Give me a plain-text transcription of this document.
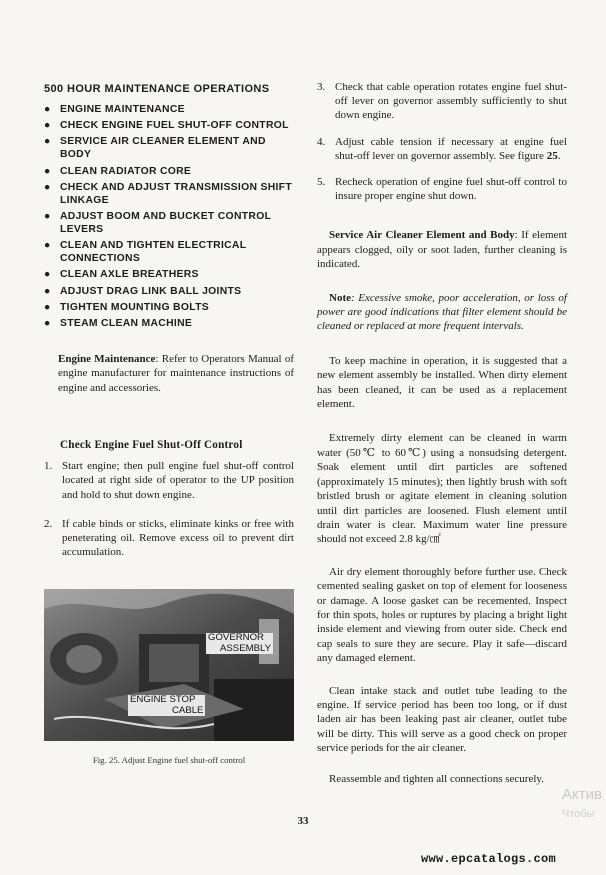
500 HOUR MAINTENANCE OPERATIONS
● ENGINE MAINTENANCE
● CHECK ENGINE FUEL SHUT-OFF CONTROL
● SERVICE AIR CLEANER ELEMENT AND BODY
● CLEAN RADIATOR CORE
● CHECK AND ADJUST TRANSMISSION SHIFT LINKAGE
● ADJUST BOOM AND BUCKET CONTROL LEVERS
● CLEAN AND TIGHTEN ELECTRICAL CONNECTIONS
● CLEAN AXLE BREATHERS
● ADJUST DRAG LINK BALL JOINTS
● TIGHTEN MOUNTING BOLTS
● STEAM CLEAN MACHINE

Engine Maintenance: Refer to Operators Manual of engine manufacturer for maintenance instructions of engine and accessories.

Check Engine Fuel Shut-Off Control
1. Start engine; then pull engine fuel shut-off control located at right side of operator to the UP position and hold to shut down engine.
2. If cable binds or sticks, eliminate kinks or free with peneterating oil. Remove excess oil to prevent dirt accumulation.
GOVERNOR
ASSEMBLY
ENGINE STOP
CABLE
Fig. 25. Adjust Engine fuel shut-off control
3. Check that cable operation rotates engine fuel shut-off lever on governor assembly sufficiently to shut down engine.
4. Adjust cable tension if necessary at engine fuel shut-off lever on governor assembly. See figure 25.
5. Recheck operation of engine fuel shut-off control to insure proper engine shut down.

Service Air Cleaner Element and Body: If element appears clogged, oily or soot laden, further cleaning is indicated.

Note: Excessive smoke, poor acceleration, or loss of power are good indications that filter element should be cleaned or replaced at more frequent intervals.

To keep machine in operation, it is suggested that a new element assembly be installed. When dirty element has been cleaned, it can be used as a replacement element.

Extremely dirty element can be cleaned in warm water (50℃ to 60℃) using a nonsudsing detergent. Soak element until dirt particles are softened (approximately 15 minutes); then lightly brush with soft bristled brush or agitate element in cleaning solution until dirt particles are loosened. Flush element until drain water is clear. Maximum water line pressure should not exceed 2.8 kg/㎠

Air dry element thoroughly before further use. Check cemented sealing gasket on top of element for looseness or damage. A loose gasket can be recemented. Inspect for thin spots, holes or ruptures by placing a bright light inside element and viewing from outer side. Check end cap seals to sure they are secure. Play it safe—discard any damaged element.

Clean intake stack and outlet tube leading to the engine. If service period has been too long, or if dust laden air has been leaking past air cleaner, outlet tube will be dirty. This will serve as a good check on proper service periods for the air cleaner.

Reassemble and tighten all connections securely.

33
Актив
Чтобы
www.epcatalogs.com
